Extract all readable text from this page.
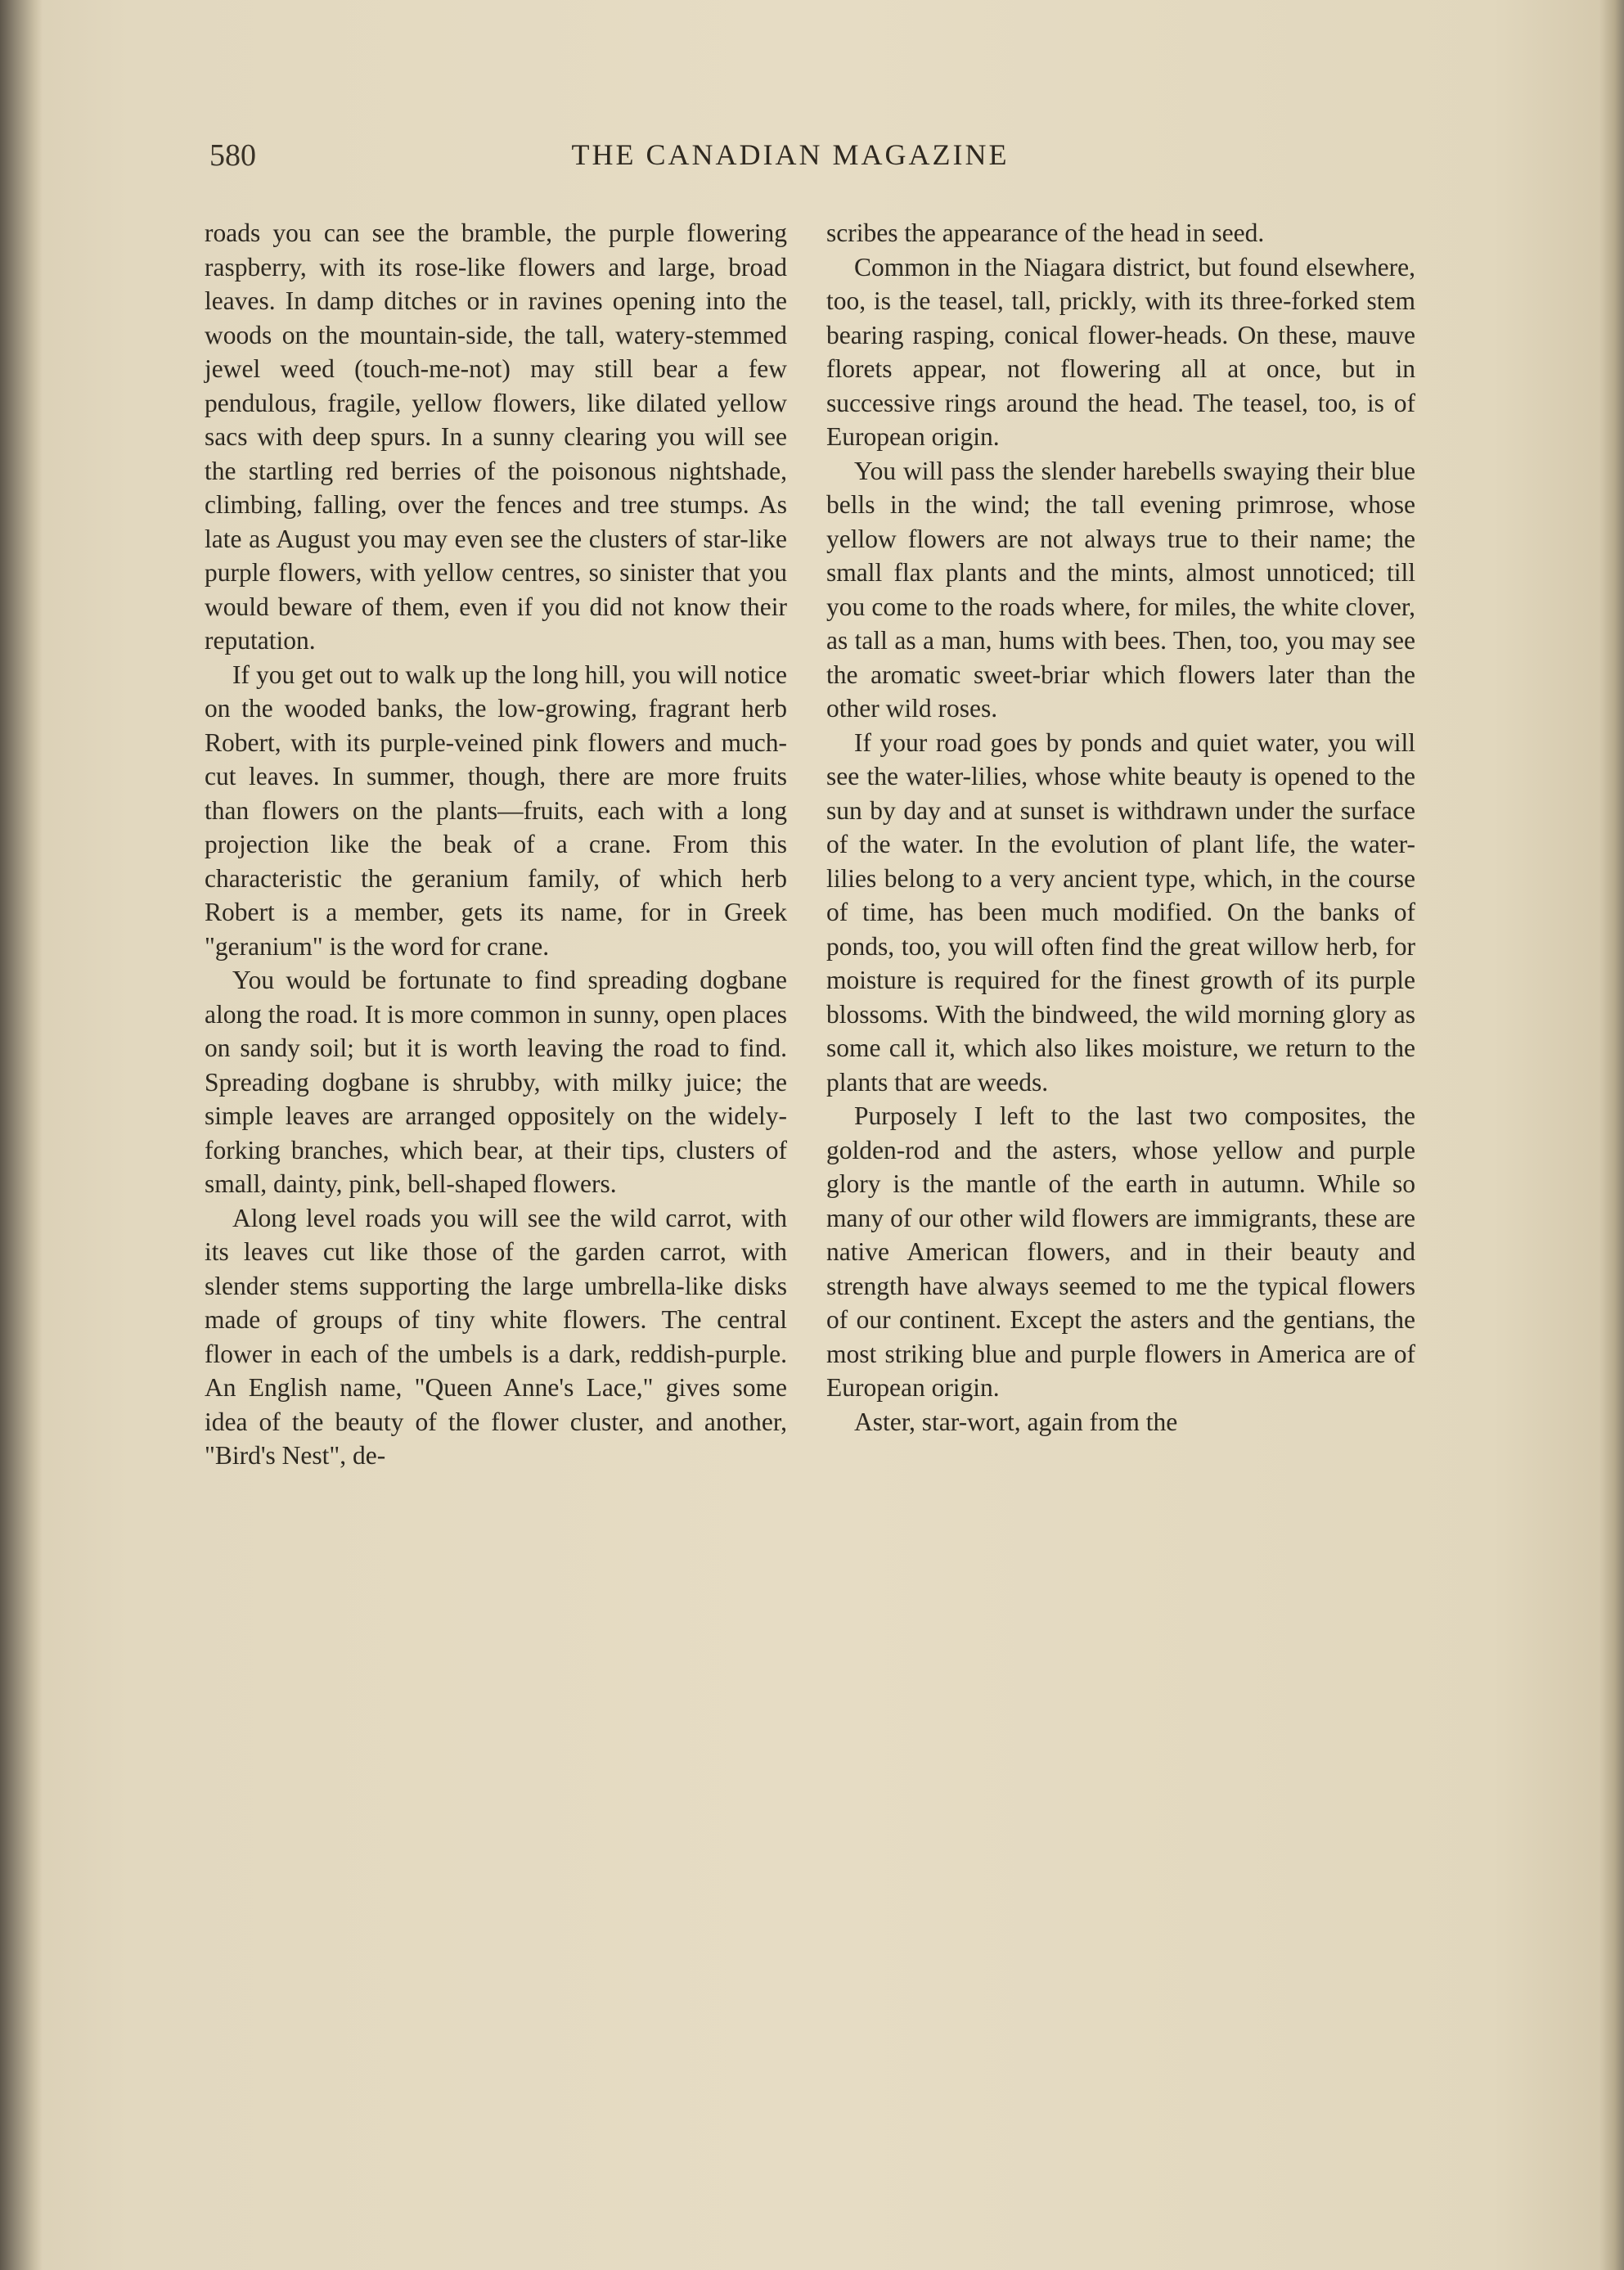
580	THE CANADIAN MAGAZINE

roads you can see the bramble, the purple flowering raspberry, with its rose-like flowers and large, broad leaves. In damp ditches or in ravines opening into the woods on the mountain-side, the tall, watery-stemmed jewel weed (touch-me-not) may still bear a few pendulous, fragile, yellow flowers, like dilated yellow sacs with deep spurs. In a sunny clearing you will see the startling red berries of the poisonous nightshade, climbing, falling, over the fences and tree stumps. As late as August you may even see the clusters of star-like purple flowers, with yellow centres, so sinister that you would beware of them, even if you did not know their reputation.

If you get out to walk up the long hill, you will notice on the wooded banks, the low-growing, fragrant herb Robert, with its purple-veined pink flowers and much-cut leaves. In summer, though, there are more fruits than flowers on the plants—fruits, each with a long projection like the beak of a crane. From this characteristic the geranium family, of which herb Robert is a member, gets its name, for in Greek "geranium" is the word for crane.

You would be fortunate to find spreading dogbane along the road. It is more common in sunny, open places on sandy soil; but it is worth leaving the road to find. Spreading dogbane is shrubby, with milky juice; the simple leaves are arranged oppositely on the widely-forking branches, which bear, at their tips, clusters of small, dainty, pink, bell-shaped flowers.

Along level roads you will see the wild carrot, with its leaves cut like those of the garden carrot, with slender stems supporting the large umbrella-like disks made of groups of tiny white flowers. The central flower in each of the umbels is a dark, reddish-purple. An English name, "Queen Anne's Lace," gives some idea of the beauty of the flower cluster, and another, "Bird's Nest", de-

scribes the appearance of the head in seed.

Common in the Niagara district, but found elsewhere, too, is the teasel, tall, prickly, with its three-forked stem bearing rasping, conical flower-heads. On these, mauve florets appear, not flowering all at once, but in successive rings around the head. The teasel, too, is of European origin.

You will pass the slender harebells swaying their blue bells in the wind; the tall evening primrose, whose yellow flowers are not always true to their name; the small flax plants and the mints, almost unnoticed; till you come to the roads where, for miles, the white clover, as tall as a man, hums with bees. Then, too, you may see the aromatic sweet-briar which flowers later than the other wild roses.

If your road goes by ponds and quiet water, you will see the water-lilies, whose white beauty is opened to the sun by day and at sunset is withdrawn under the surface of the water. In the evolution of plant life, the water-lilies belong to a very ancient type, which, in the course of time, has been much modified. On the banks of ponds, too, you will often find the great willow herb, for moisture is required for the finest growth of its purple blossoms. With the bindweed, the wild morning glory as some call it, which also likes moisture, we return to the plants that are weeds.

Purposely I left to the last two composites, the golden-rod and the asters, whose yellow and purple glory is the mantle of the earth in autumn. While so many of our other wild flowers are immigrants, these are native American flowers, and in their beauty and strength have always seemed to me the typical flowers of our continent. Except the asters and the gentians, the most striking blue and purple flowers in America are of European origin.

Aster, star-wort, again from the
